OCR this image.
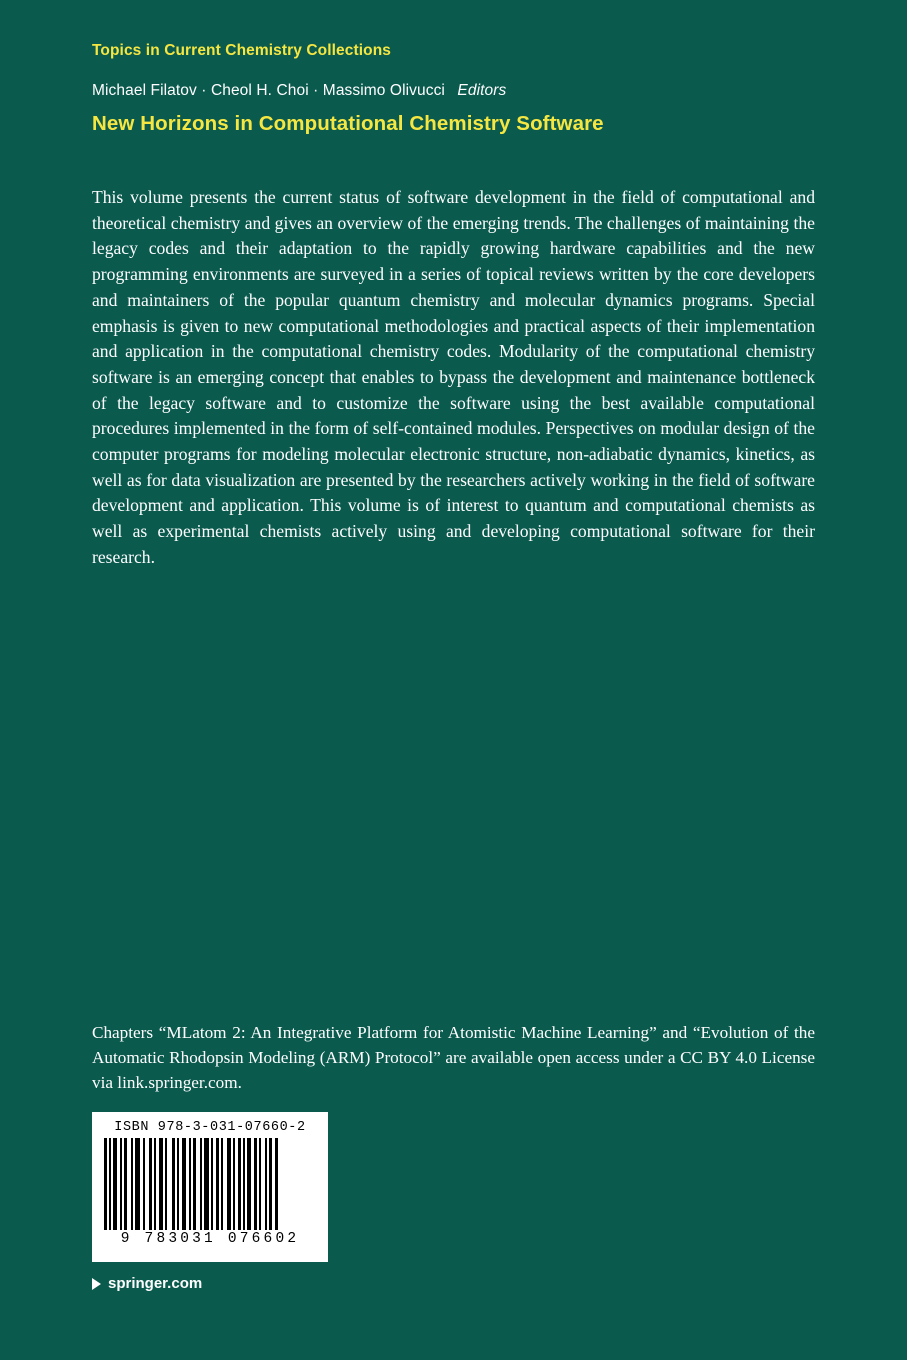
Topics in Current Chemistry Collections
Michael Filatov · Cheol H. Choi · Massimo Olivucci Editors
New Horizons in Computational Chemistry Software
This volume presents the current status of software development in the field of computational and theoretical chemistry and gives an overview of the emerging trends. The challenges of maintaining the legacy codes and their adaptation to the rapidly growing hardware capabilities and the new programming environments are surveyed in a series of topical reviews written by the core developers and maintainers of the popular quantum chemistry and molecular dynamics programs. Special emphasis is given to new computational methodologies and practical aspects of their implementation and application in the computational chemistry codes. Modularity of the computational chemistry software is an emerging concept that enables to bypass the development and maintenance bottleneck of the legacy software and to customize the software using the best available computational procedures implemented in the form of self-contained modules. Perspectives on modular design of the computer programs for modeling molecular electronic structure, non-adiabatic dynamics, kinetics, as well as for data visualization are presented by the researchers actively working in the field of software development and application. This volume is of interest to quantum and computational chemists as well as experimental chemists actively using and developing computational software for their research.
Chapters “MLatom 2: An Integrative Platform for Atomistic Machine Learning” and “Evolution of the Automatic Rhodopsin Modeling (ARM) Protocol” are available open access under a CC BY 4.0 License via link.springer.com.
ISBN 978-3-031-07660-2
9 783031 076602
springer.com
